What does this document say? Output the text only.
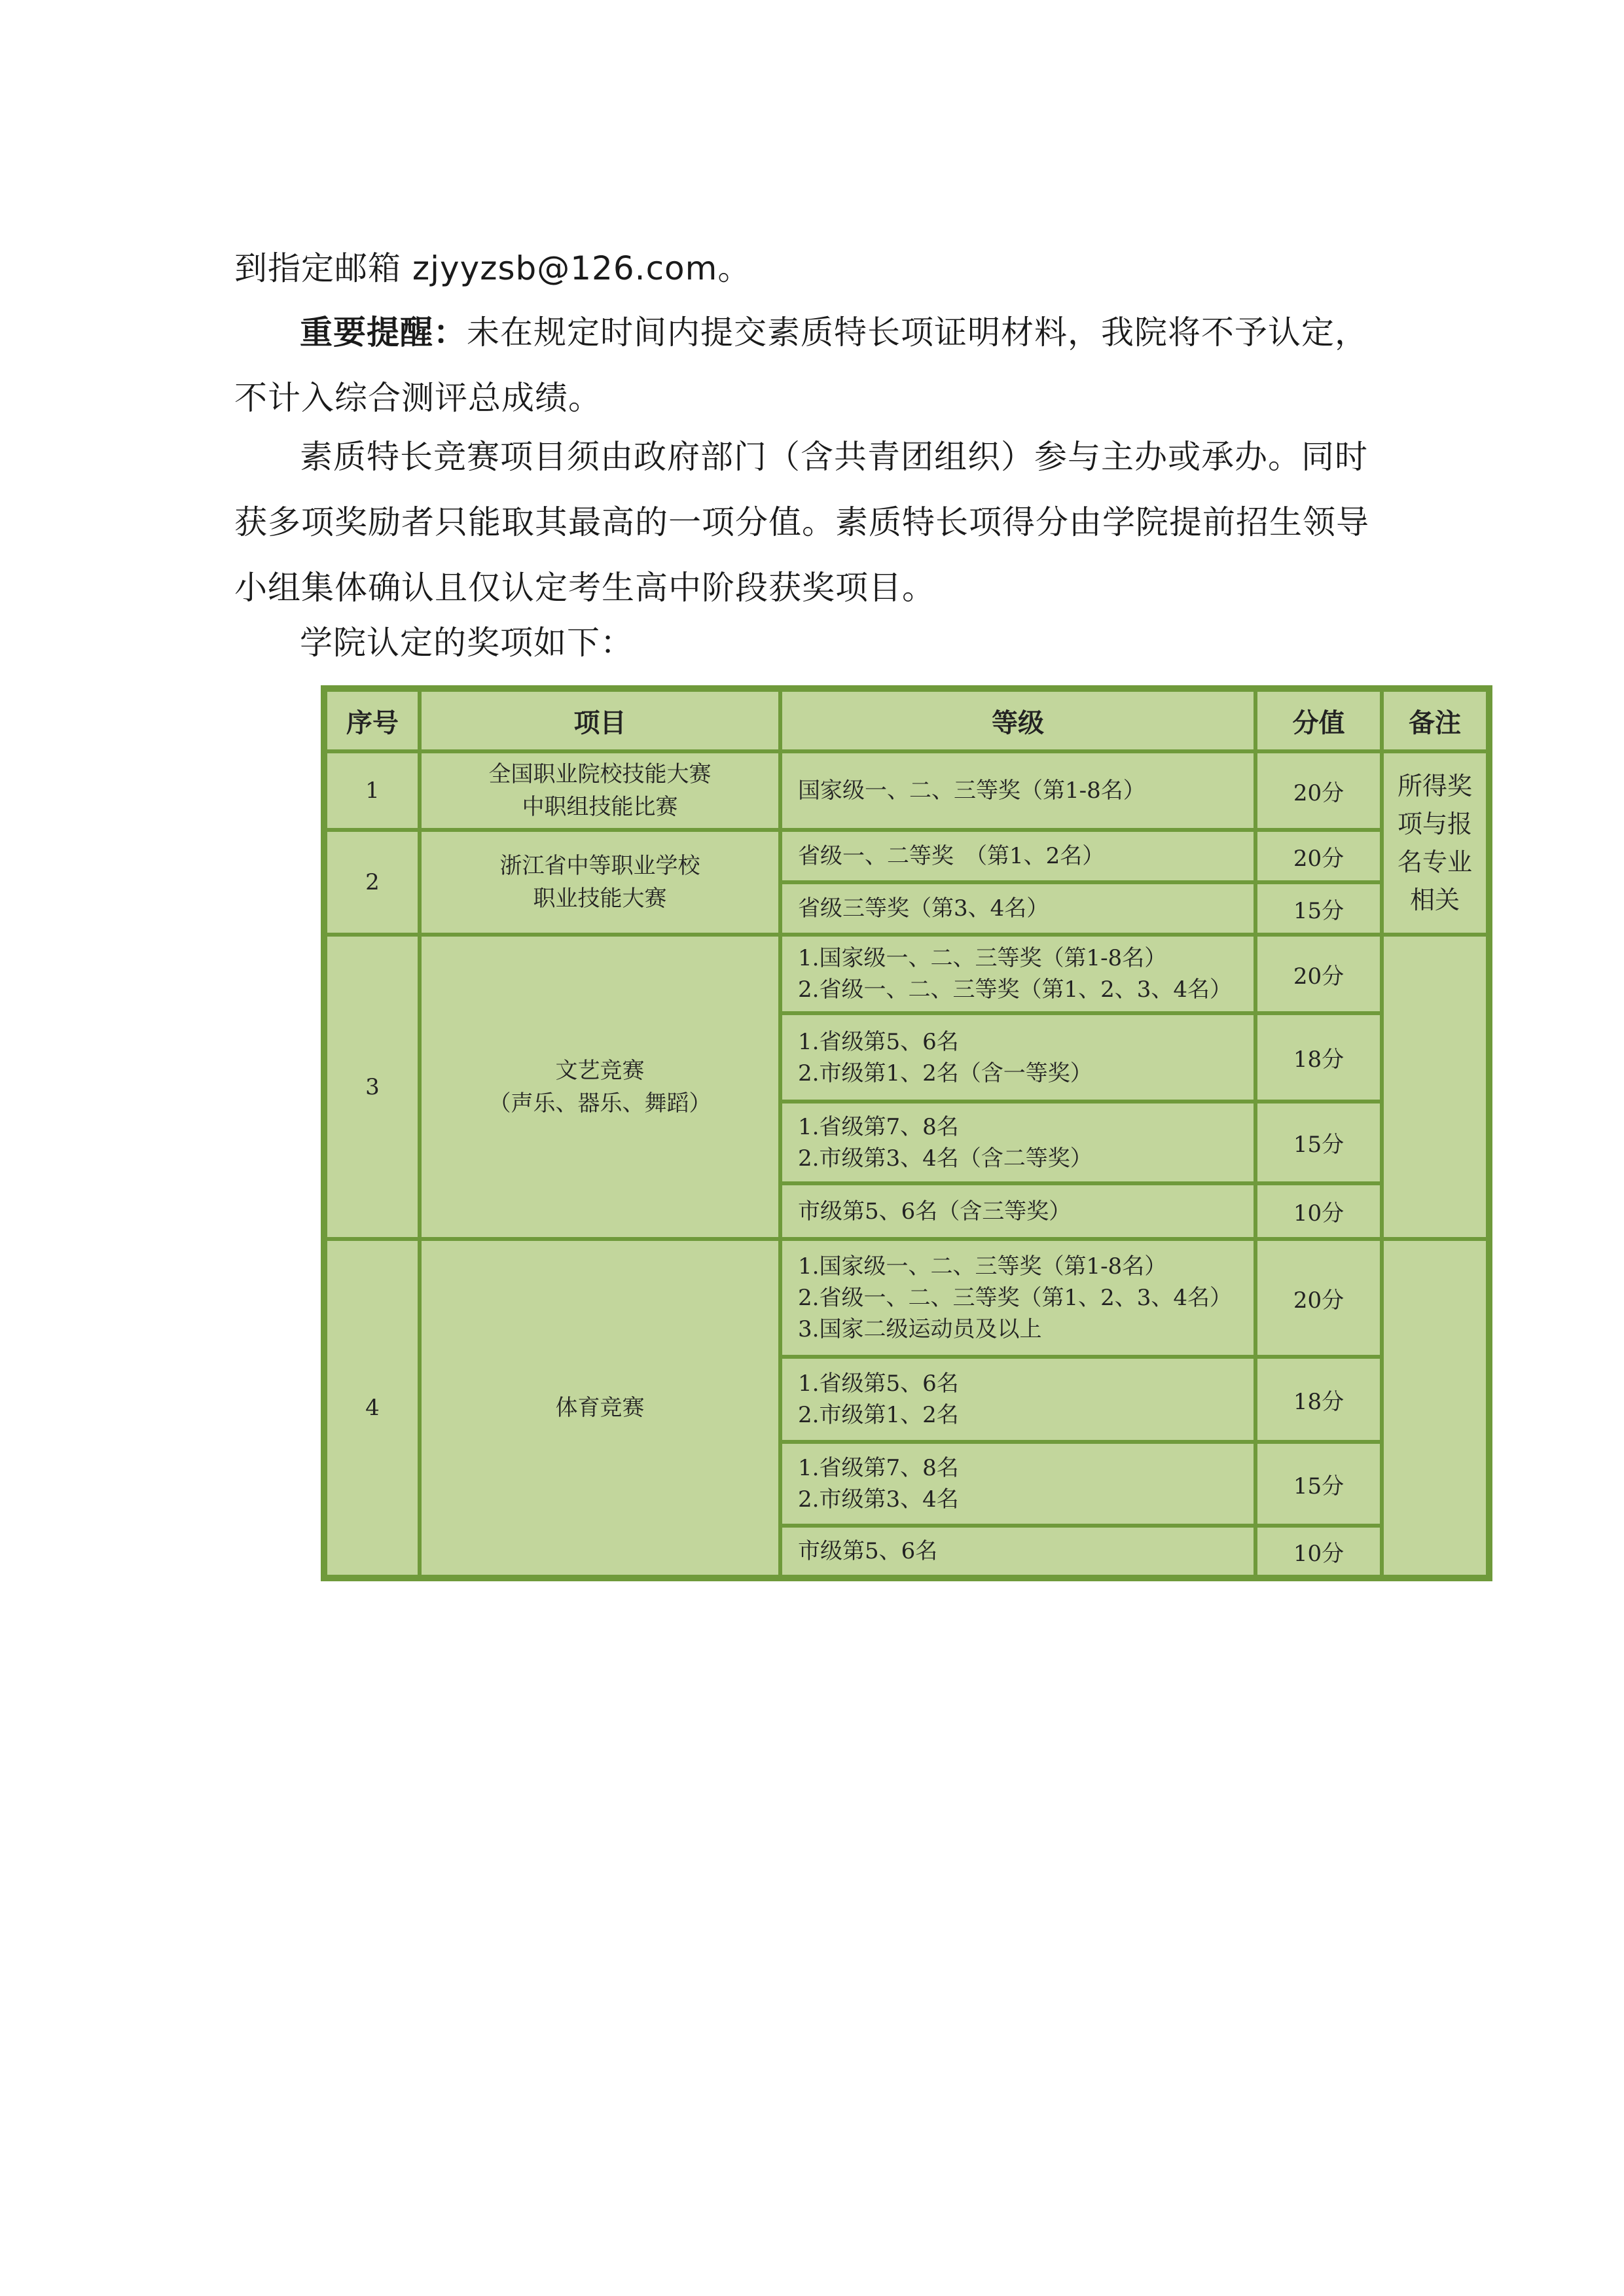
到指定邮箱 zjyyzsb@126.com。

重要提醒：未在规定时间内提交素质特长项证明材料，我院将不予认定，不计入综合测评总成绩。

素质特长竞赛项目须由政府部门（含共青团组织）参与主办或承办。同时获多项奖励者只能取其最高的一项分值。素质特长项得分由学院提前招生领导小组集体确认且仅认定考生高中阶段获奖项目。

学院认定的奖项如下：

序号	项目	等级	分值	备注
1	全国职业院校技能大赛
中职组技能比赛	国家级一、二、三等奖（第1-8名）	20分	所得奖
项与报
名专业
相关

2	浙江省中等职业学校
职业技能大赛	省级一、二等奖　（第1、2名）	20分	

		省级三等奖（第3、4名）	15分	
3	文艺竞赛
（声乐、器乐、舞蹈）	1.国家级一、二、三等奖（第1-8名）
2.省级一、二、三等奖（第1、2、3、4名）	20分	

		1.省级第5、6名
2.市级第1、2名（含一等奖）	18分	

		1.省级第7、8名
2.市级第3、4名（含二等奖）	15分	

		市级第5、6名（含三等奖）	10分	
4	体育竞赛	1.国家级一、二、三等奖（第1-8名）
2.省级一、二、三等奖（第1、2、3、4名）
3.国家二级运动员及以上	20分	

		1.省级第5、6名
2.市级第1、2名	18分	

		1.省级第7、8名
2.市级第3、4名	15分	

		市级第5、6名	10分	
